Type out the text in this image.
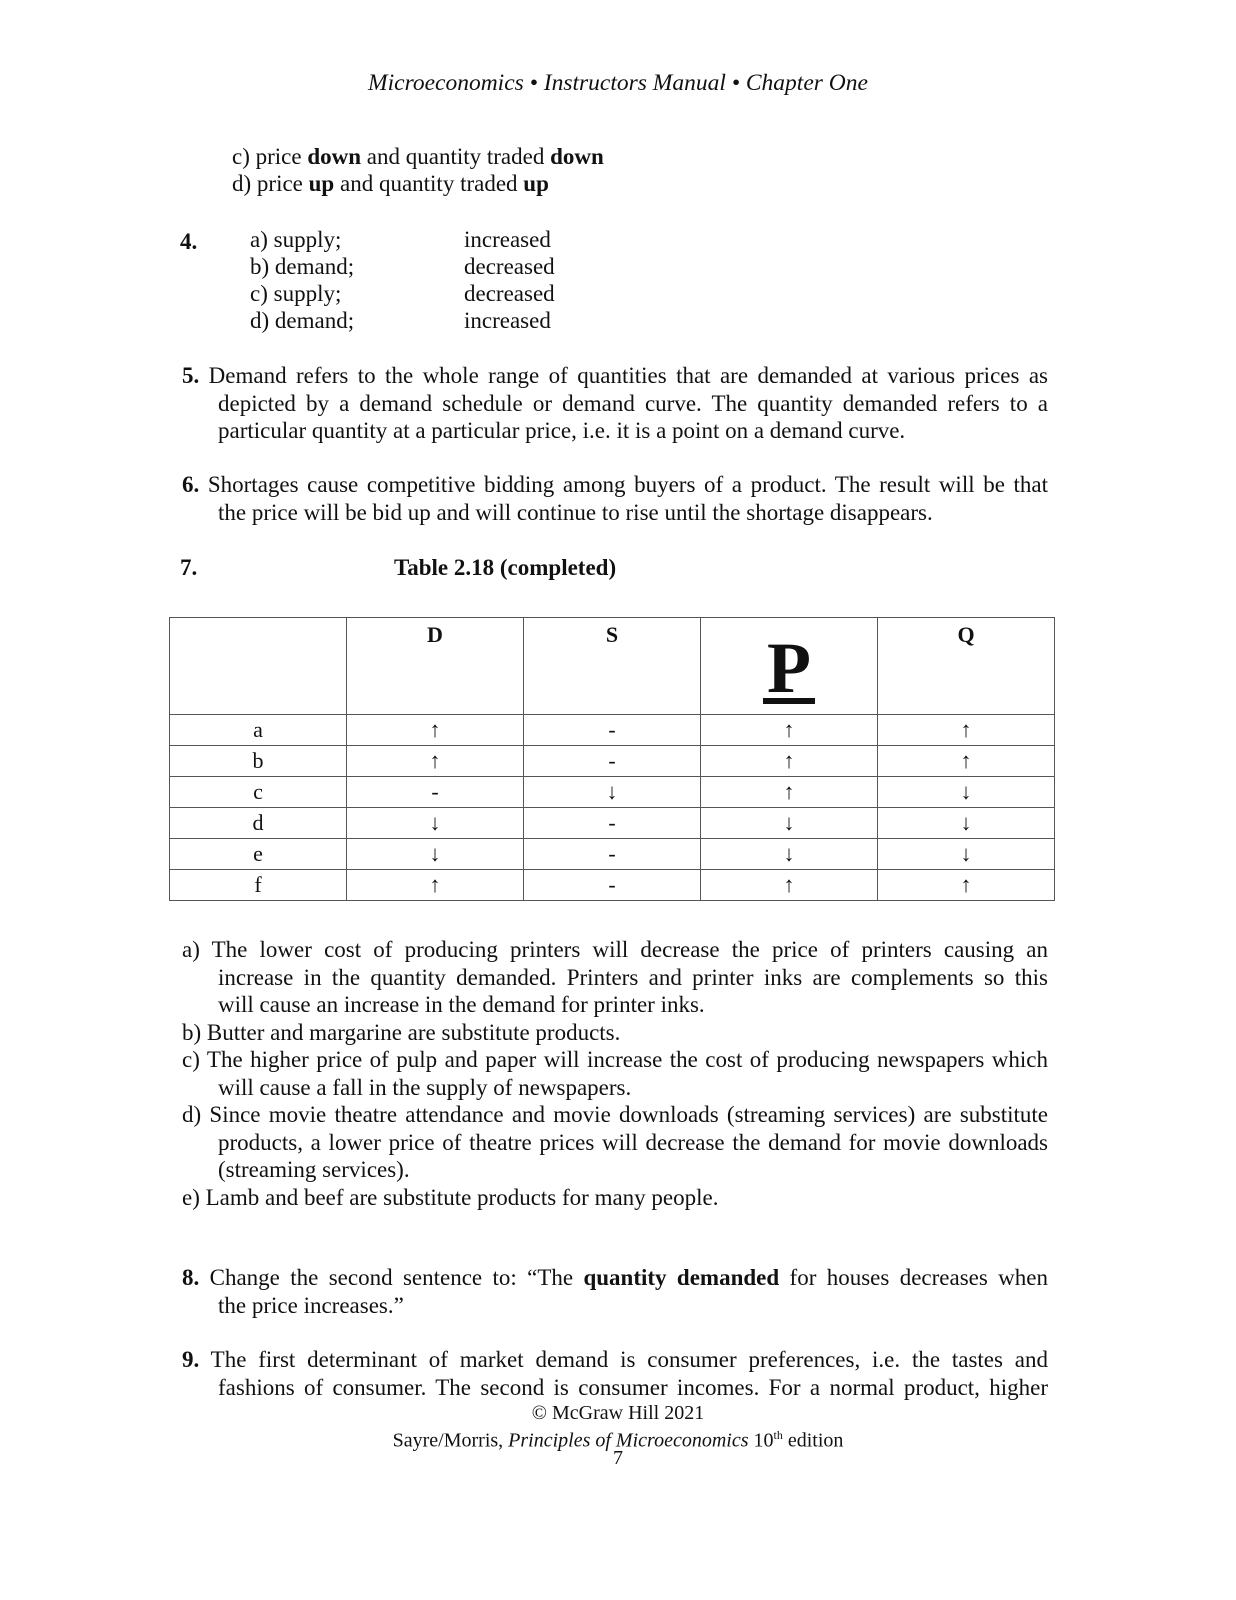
Microeconomics • Instructors Manual • Chapter One
c) price down and quantity traded down
d) price up and quantity traded up
4. a) supply;	increased
b) demand;	decreased
c) supply;	decreased
d) demand;	increased
5. Demand refers to the whole range of quantities that are demanded at various prices as
depicted by a demand schedule or demand curve. The quantity demanded refers to a
particular quantity at a particular price, i.e. it is a point on a demand curve.
6. Shortages cause competitive bidding among buyers of a product. The result will be that
the price will be bid up and will continue to rise until the shortage disappears.
7.	Table 2.18 (completed)
	D	S	P	Q
a	↑	-	↑	↑
b	↑	-	↑	↑
c	-	↓	↑	↓
d	↓	-	↓	↓
e	↓	-	↓	↓
f	↑	-	↑	↑
a) The lower cost of producing printers will decrease the price of printers causing an
increase in the quantity demanded. Printers and printer inks are complements so this
will cause an increase in the demand for printer inks.
b) Butter and margarine are substitute products.
c) The higher price of pulp and paper will increase the cost of producing newspapers which
will cause a fall in the supply of newspapers.
d) Since movie theatre attendance and movie downloads (streaming services) are substitute
products, a lower price of theatre prices will decrease the demand for movie downloads
(streaming services).
e) Lamb and beef are substitute products for many people.
8. Change the second sentence to: “The quantity demanded for houses decreases when
the price increases.”
9. The first determinant of market demand is consumer preferences, i.e. the tastes and
fashions of consumer. The second is consumer incomes. For a normal product, higher
© McGraw Hill 2021
Sayre/Morris, Principles of Microeconomics 10th edition
7
